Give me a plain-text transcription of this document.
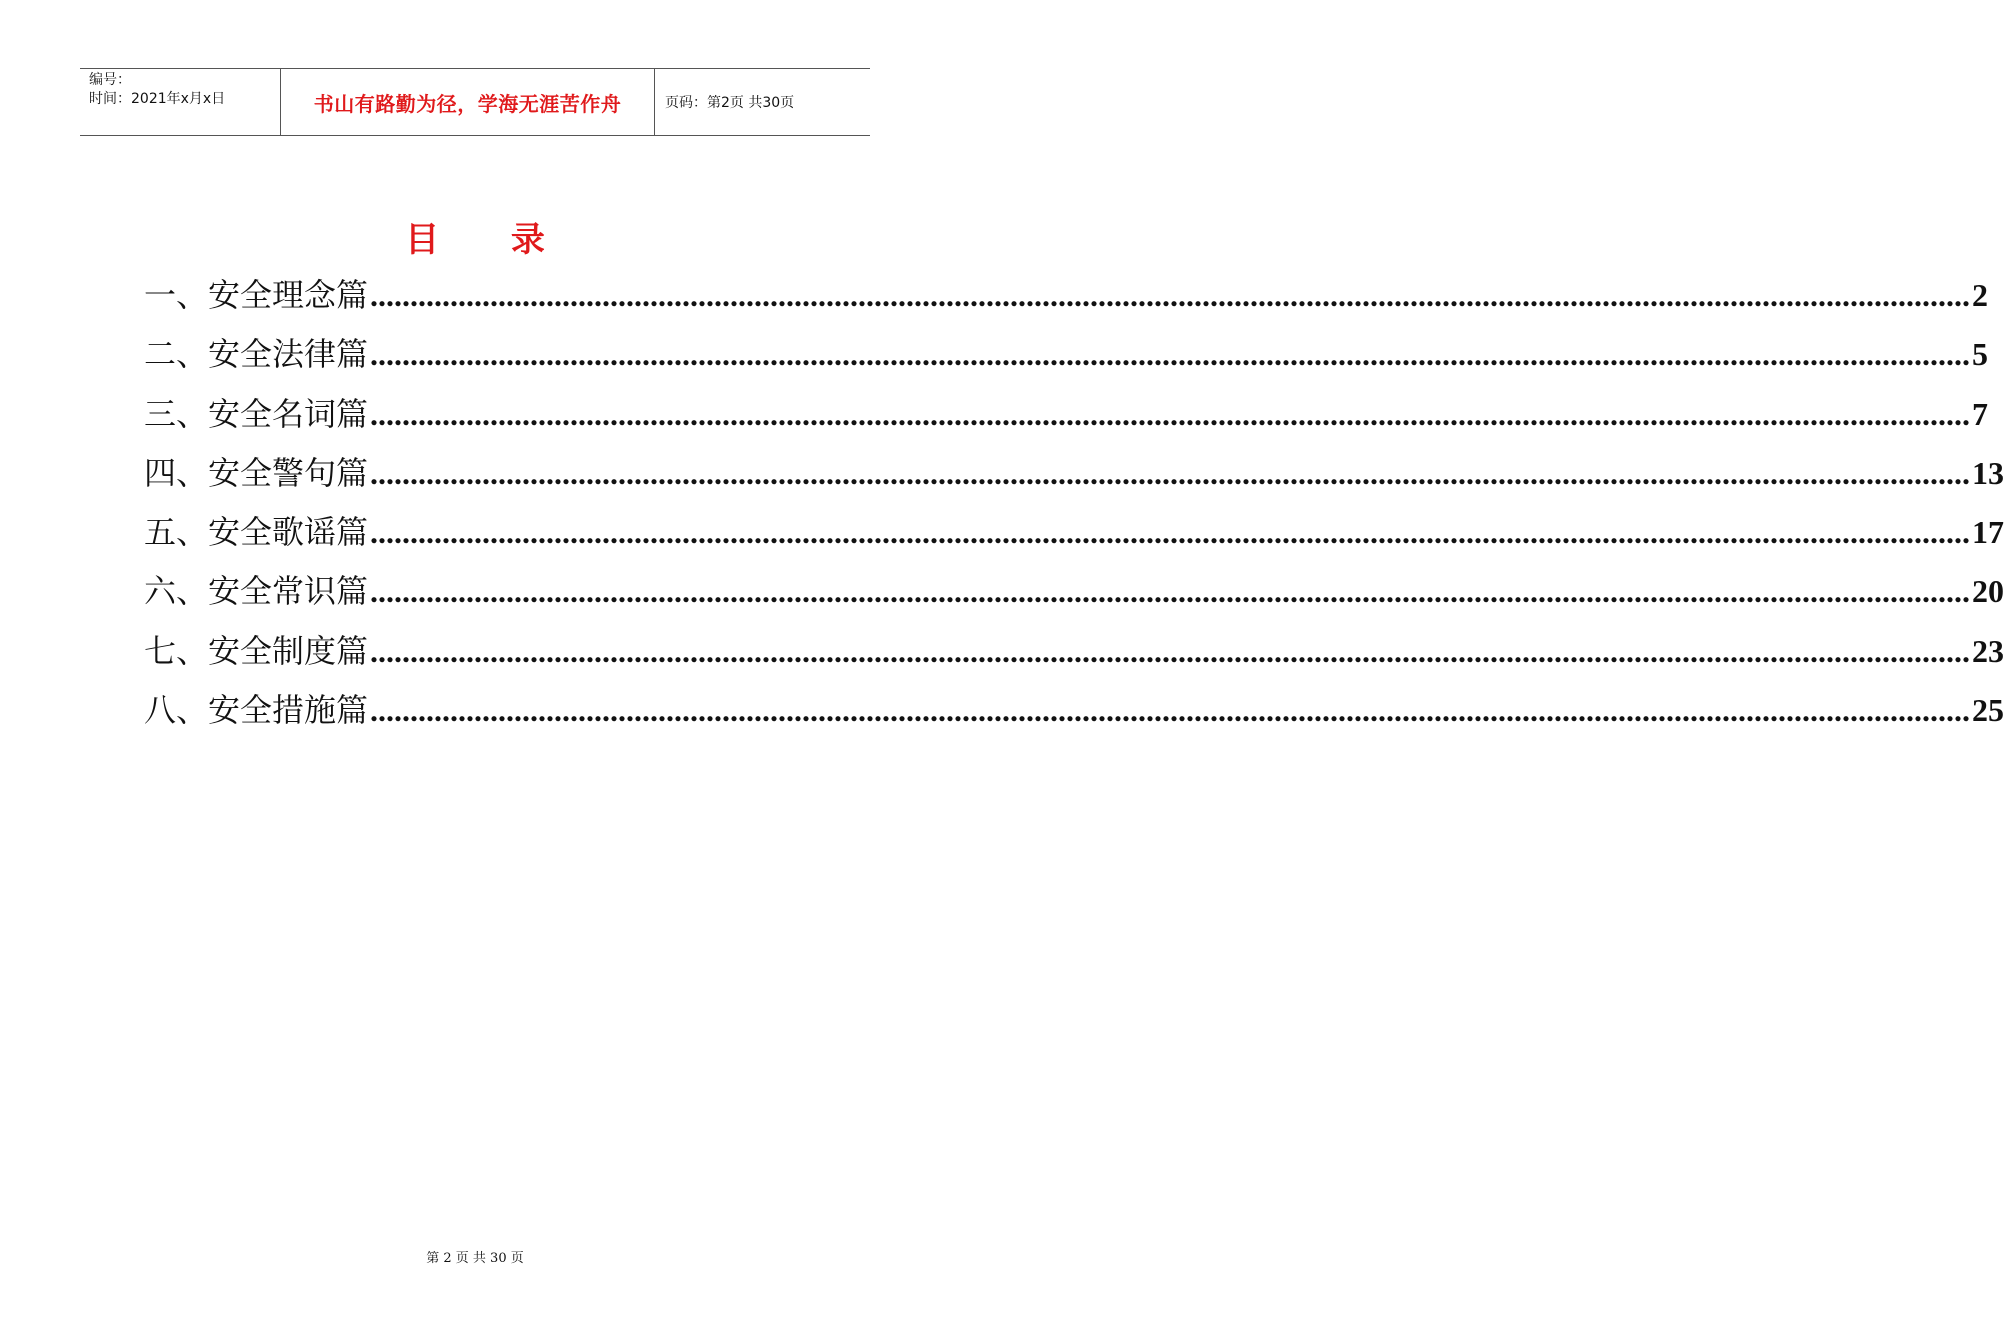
编号：
时间：2021年x月x日	书山有路勤为径，学海无涯苦作舟	页码：第2页 共30页
目 录
一、安全理念篇 ........................................................................................................................................................................................................ 2
二、安全法律篇 ........................................................................................................................................................................................................ 5
三、安全名词篇 ........................................................................................................................................................................................................ 7
四、安全警句篇 ........................................................................................................................................................................................................ 13
五、安全歌谣篇 ........................................................................................................................................................................................................ 17
六、安全常识篇 ........................................................................................................................................................................................................ 20
七、安全制度篇 ........................................................................................................................................................................................................ 23
八、安全措施篇 ........................................................................................................................................................................................................ 25
第 2 页 共 30 页
